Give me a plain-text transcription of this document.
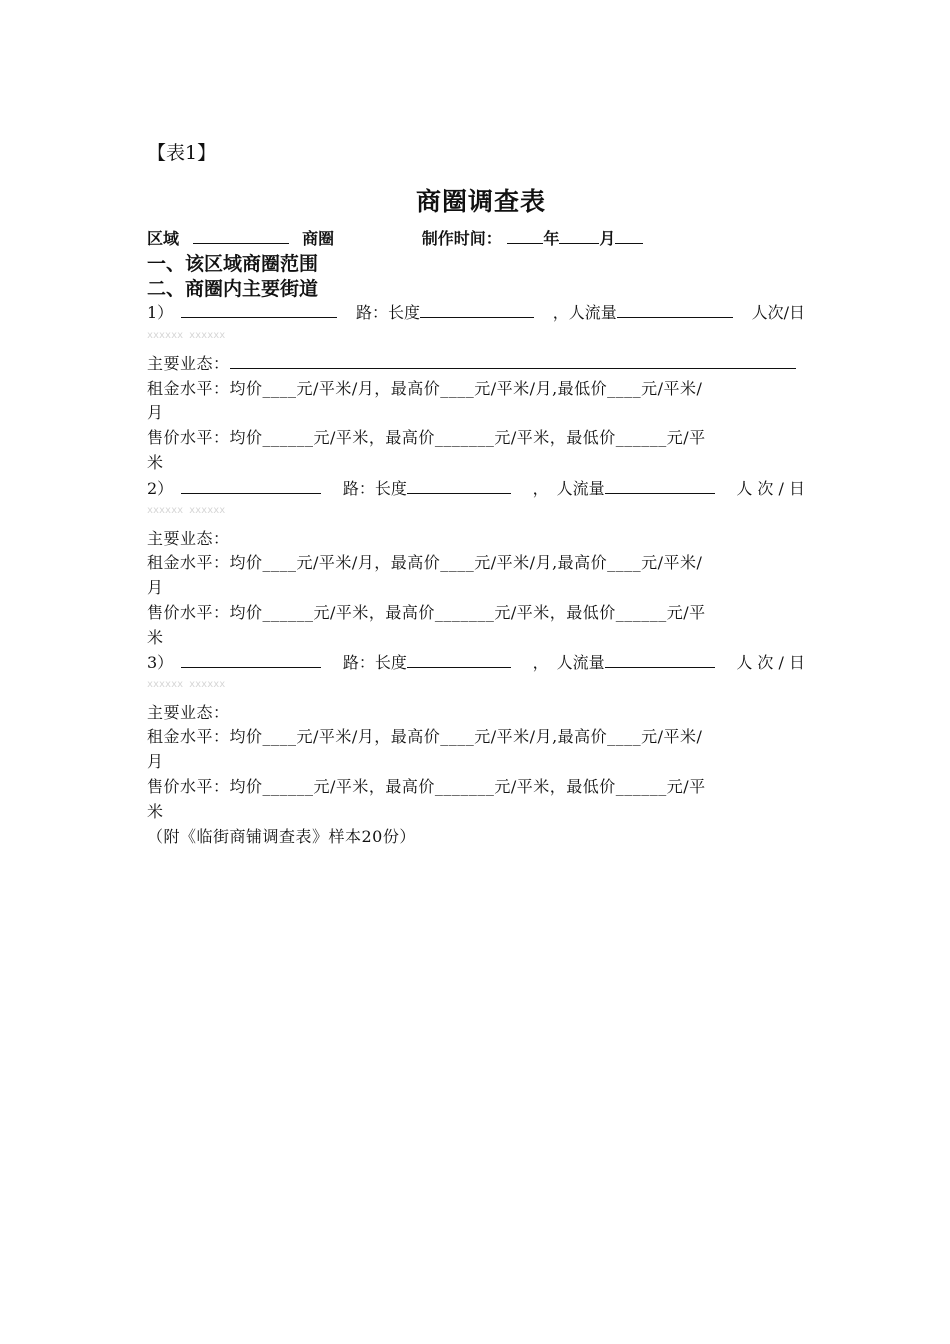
【表1】
商圈调查表
区域	商圈	制作时间：	年	月
一、该区域商圈范围
二、商圈内主要街道
1）	路：长度	，人流量	人次/日
xxxxxx xxxxxx
主要业态：
租金水平：均价____元/平米/月，最高价____元/平米/月,最低价____元/平米/
月
售价水平：均价______元/平米，最高价_______元/平米，最低价______元/平
米
2）	路：长度	，　人流量	人 次 / 日
xxxxxx xxxxxx
主要业态：
租金水平：均价____元/平米/月，最高价____元/平米/月,最高价____元/平米/
月
售价水平：均价______元/平米，最高价_______元/平米，最低价______元/平
米
3）	路：长度	，　人流量	人 次 / 日
xxxxxx xxxxxx
主要业态：
租金水平：均价____元/平米/月，最高价____元/平米/月,最高价____元/平米/
月
售价水平：均价______元/平米，最高价_______元/平米，最低价______元/平
米
（附《临街商铺调查表》样本20份）
